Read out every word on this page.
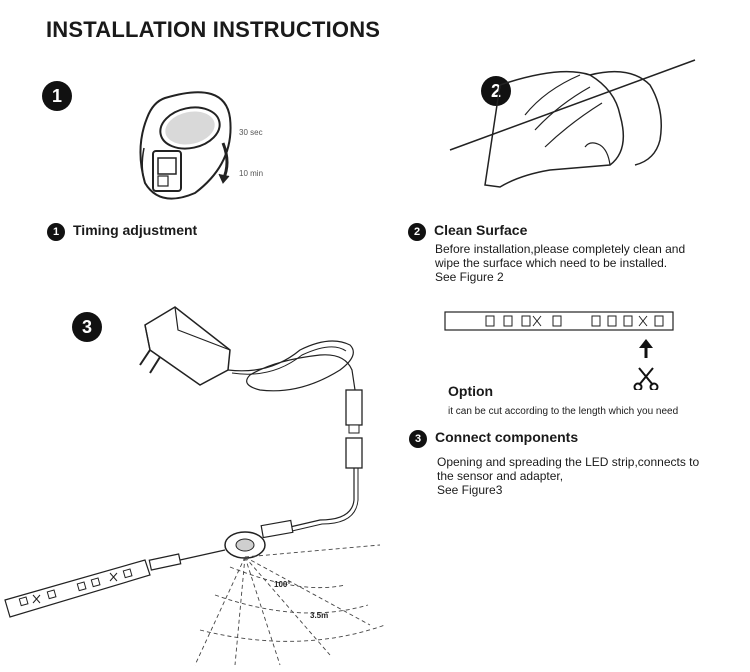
INSTALLATION INSTRUCTIONS
1
30 sec
10 min
1 Timing adjustment
2
2 Clean Surface
Before installation,please completely clean and
wipe the surface which need to be installed.
See Figure 2
3
100°
3.5m
Option
it can be cut according to the length which you need
3 Connect components
Opening and spreading the LED strip,connects to
the sensor and adapter,
See Figure3
